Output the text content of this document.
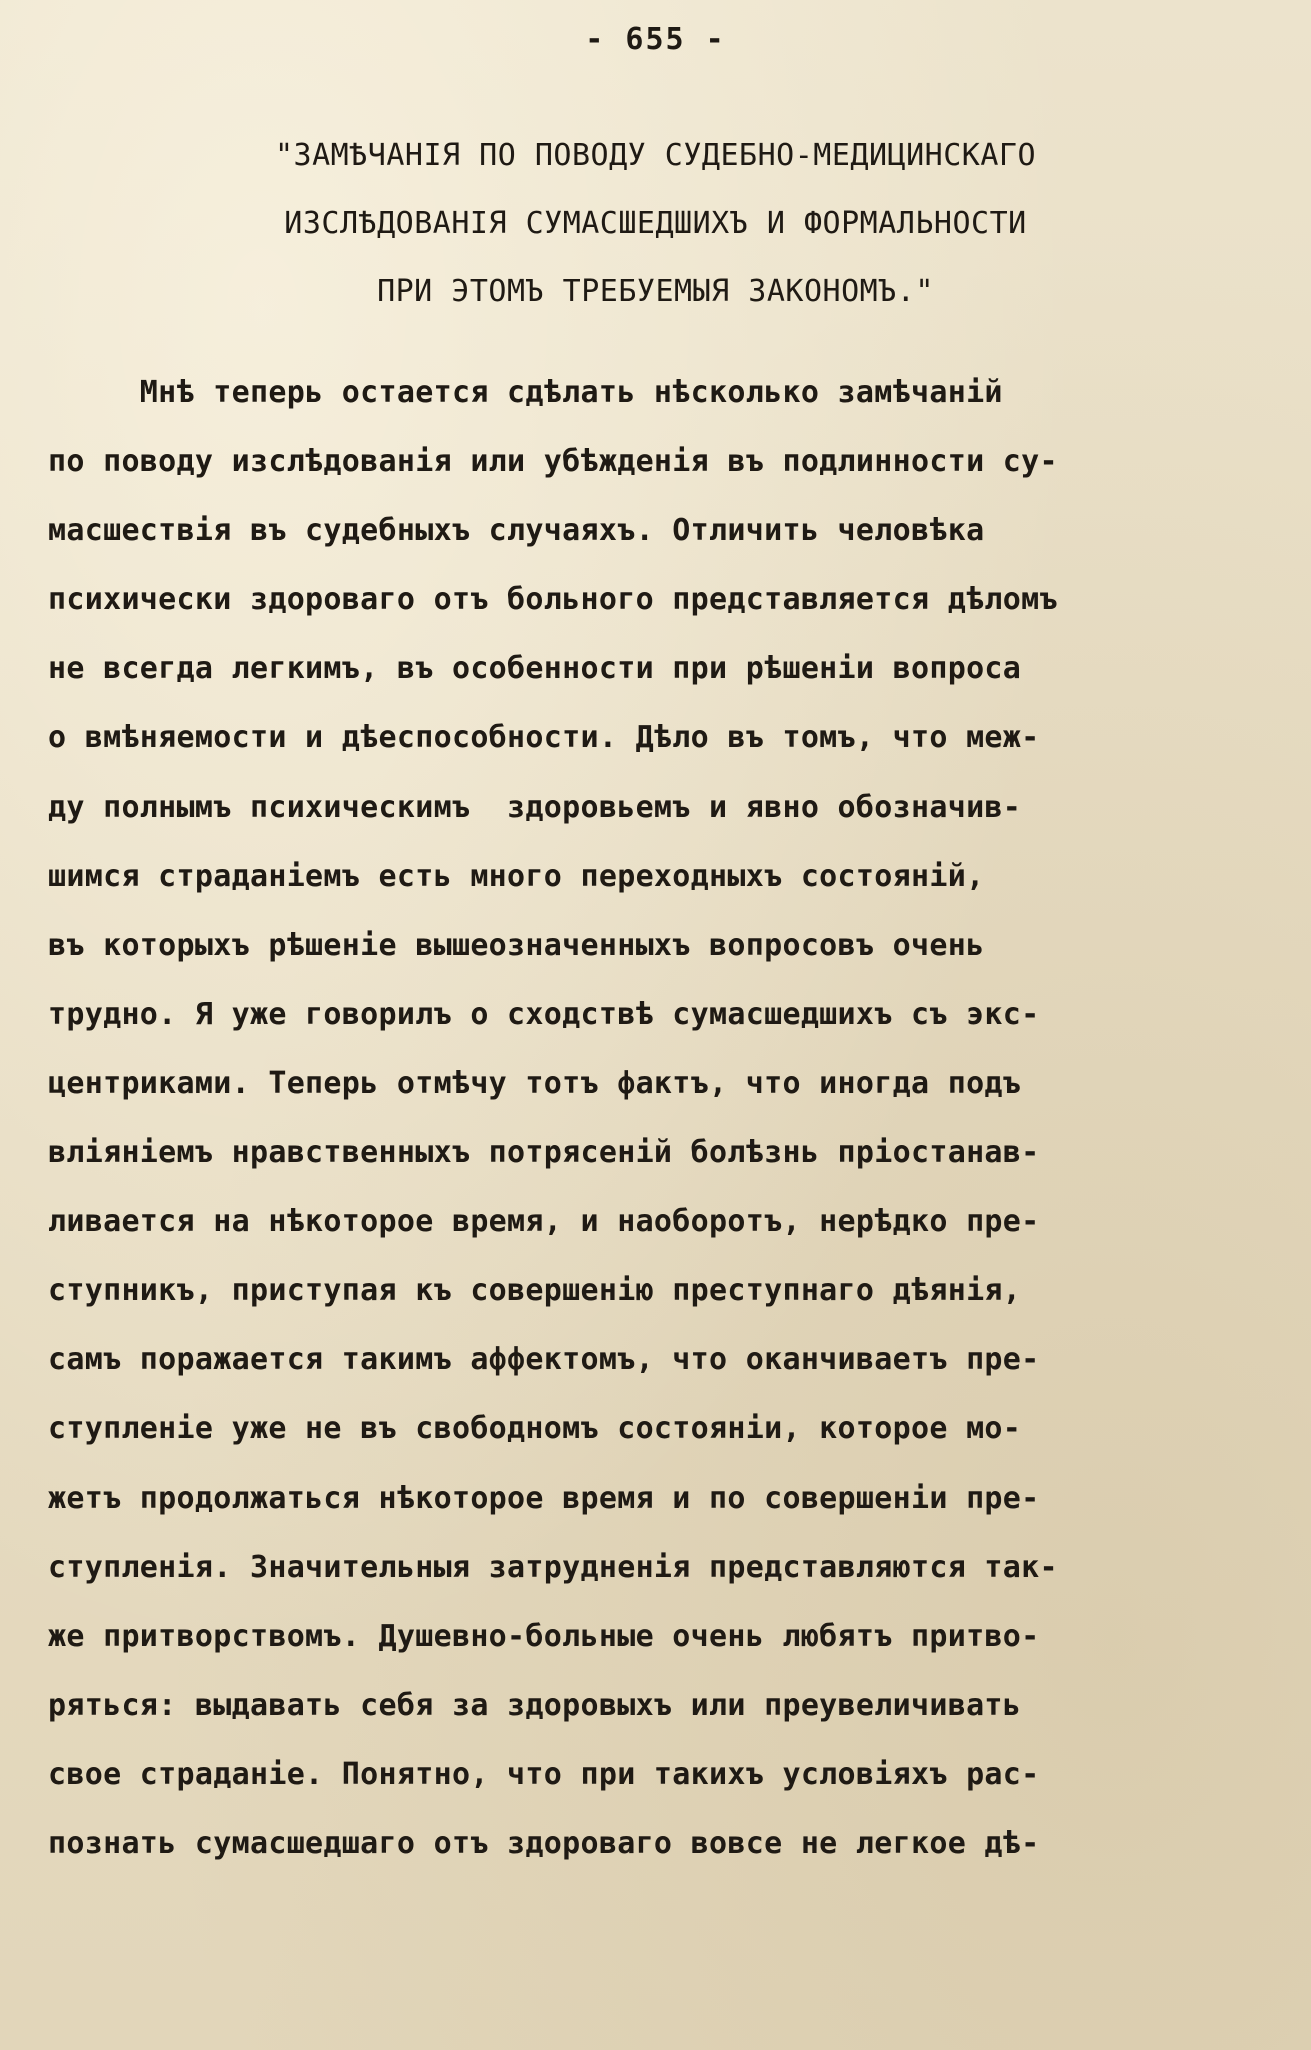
- 655 -
"ЗАМѢЧАНІЯ ПО ПОВОДУ СУДЕБНО-МЕДИЦИНСКАГО
ИЗСЛѢДОВАНІЯ СУМАСШЕДШИХЪ И ФОРМАЛЬНОСТИ
ПРИ ЭТОМЪ ТРЕБУЕМЫЯ ЗАКОНОМЪ."
Мнѣ теперь остается сдѣлать нѣсколько замѣчаній
по поводу изслѣдованія или убѣжденія въ подлинности су-
масшествія въ судебныхъ случаяхъ. Отличить человѣка
психически здороваго отъ больного представляется дѣломъ
не всегда легкимъ, въ особенности при рѣшеніи вопроса
о вмѣняемости и дѣеспособности. Дѣло въ томъ, что меж-
ду полнымъ психическимъ  здоровьемъ и явно обозначив-
шимся страданіемъ есть много переходныхъ состояній,
въ которыхъ рѣшеніе вышеозначенныхъ вопросовъ очень
трудно. Я уже говорилъ о сходствѣ сумасшедшихъ съ экс-
центриками. Теперь отмѣчу тотъ фактъ, что иногда подъ
вліяніемъ нравственныхъ потрясеній болѣзнь пріостанав-
ливается на нѣкоторое время, и наоборотъ, нерѣдко пре-
ступникъ, приступая къ совершенію преступнаго дѣянія,
самъ поражается такимъ аффектомъ, что оканчиваетъ пре-
ступленіе уже не въ свободномъ состояніи, которое мо-
жетъ продолжаться нѣкоторое время и по совершеніи пре-
ступленія. Значительныя затрудненія представляются так-
же притворствомъ. Душевно-больные очень любятъ притво-
ряться: выдавать себя за здоровыхъ или преувеличивать
свое страданіе. Понятно, что при такихъ условіяхъ рас-
познать сумасшедшаго отъ здороваго вовсе не легкое дѣ-
